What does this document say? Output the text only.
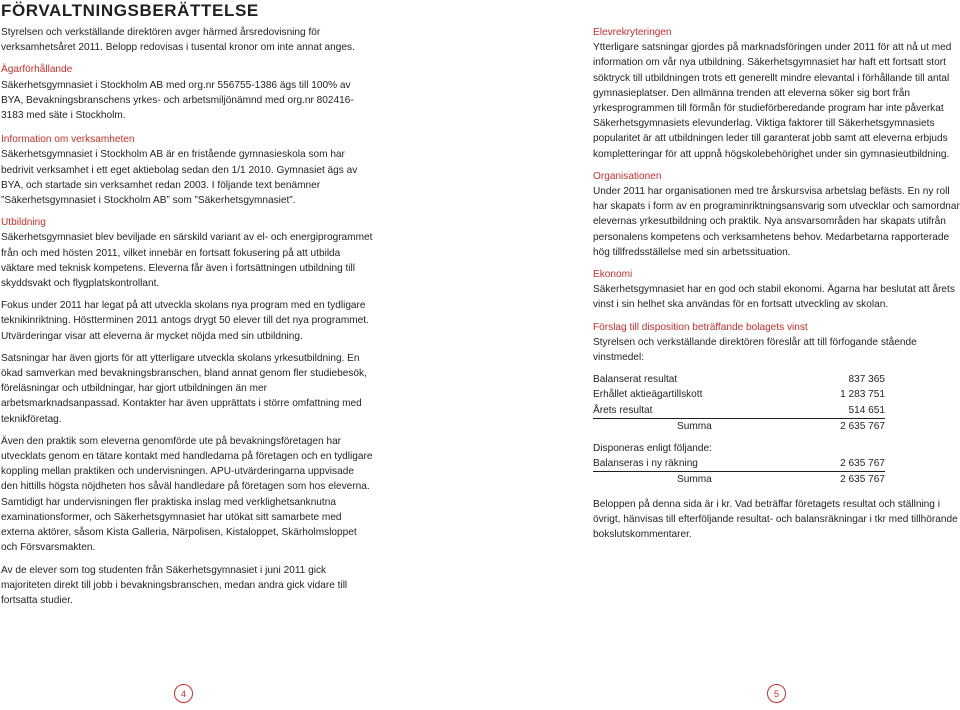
FÖRVALTNINGSBERÄTTELSE

Styrelsen och verkställande direktören avger härmed årsredovisning för verksamhetsåret 2011. Belopp redovisas i tusental kronor om inte annat anges.

Ägarförhållande

Säkerhetsgymnasiet i Stockholm AB med org.nr 556755-1386 ägs till 100% av BYA, Bevakningsbranschens yrkes- och arbetsmiljönämnd med org.nr 802416-3183 med säte i Stockholm.

Information om verksamheten

Säkerhetsgymnasiet i Stockholm AB är en fristående gymnasieskola som har bedrivit verksamhet i ett eget aktiebolag sedan den 1/1 2010. Gymnasiet ägs av BYA, och startade sin verksamhet redan 2003. I följande text benämner ”Säkerhetsgymnasiet i Stockholm AB” som ”Säkerhetsgymnasiet”.

Utbildning

Säkerhetsgymnasiet blev beviljade en särskild variant av el- och energiprogrammet från och med hösten 2011, vilket innebär en fortsatt fokusering på att utbilda väktare med teknisk kompetens. Eleverna får även i fortsättningen utbildning till skyddsvakt och flygplatskontrollant.

Fokus under 2011 har legat på att utveckla skolans nya program med en tydligare teknikinriktning. Höstterminen 2011 antogs drygt 50 elever till det nya programmet. Utvärderingar visar att eleverna är mycket nöjda med sin utbildning.

Satsningar har även gjorts för att ytterligare utveckla skolans yrkesutbildning. En ökad samverkan med bevakningsbranschen, bland annat genom fler studiebesök, föreläsningar och utbildningar, har gjort utbildningen än mer arbetsmarknadsanpassad. Kontakter har även upprättats i större omfattning med teknikföretag.

Även den praktik som eleverna genomförde ute på bevakningsföretagen har utvecklats genom en tätare kontakt med handledarna på företagen och en tydligare koppling mellan praktiken och undervisningen. APU-utvärderingarna uppvisade den hittills högsta nöjdheten hos såväl handledare på företagen som hos eleverna. Samtidigt har undervisningen fler praktiska inslag med verklighetsanknutna examinationsformer, och Säkerhetsgymnasiet har utökat sitt samarbete med externa aktörer, såsom Kista Galleria, Närpolisen, Kistaloppet, Skärholmsloppet och Försvarsmakten.

Av de elever som tog studenten från Säkerhetsgymnasiet i juni 2011 gick majoriteten direkt till jobb i bevakningsbranschen, medan andra gick vidare till fortsatta studier.

Elevrekryteringen

Ytterligare satsningar gjordes på marknadsföringen under 2011 för att nå ut med information om vår nya utbildning. Säkerhetsgymnasiet har haft ett fortsatt stort söktryck till utbildningen trots ett generellt mindre elevantal i förhållande till antal gymnasieplatser. Den allmänna trenden att eleverna söker sig bort från yrkesprogrammen till förmån för studieförberedande program har inte påverkat Säkerhetsgymnasiets elevunderlag. Viktiga faktorer till Säkerhetsgymnasiets popularitet är att utbildningen leder till garanterat jobb samt att eleverna erbjuds kompletteringar för att uppnå högskolebehörighet under sin gymnasieutbildning.

Organisationen

Under 2011 har organisationen med tre årskursvisa arbetslag befästs. En ny roll har skapats i form av en programinriktningsansvarig som utvecklar och samordnar elevernas yrkesutbildning och praktik. Nya ansvarsområden har skapats utifrån personalens kompetens och verksamhetens behov. Medarbetarna rapporterade hög tillfredsställelse med sin arbetssituation.

Ekonomi

Säkerhetsgymnasiet har en god och stabil ekonomi. Ägarna har beslutat att årets vinst i sin helhet ska användas för en fortsatt utveckling av skolan.

Förslag till disposition beträffande bolagets vinst

Styrelsen och verkställande direktören föreslår att till förfogande stående vinstmedel:

Balanserat resultat	837 365
Erhållet aktieägartillskott	1 283 751
Årets resultat	514 651
Summa	2 635 767

Disponeras enligt följande:

Balanseras i ny räkning	2 635 767
Summa	2 635 767

Beloppen på denna sida är i kr. Vad beträffar företagets resultat och ställning i övrigt, hänvisas till efterföljande resultat- och balansräkningar i tkr med tillhörande bokslutskommentarer.

4	5
